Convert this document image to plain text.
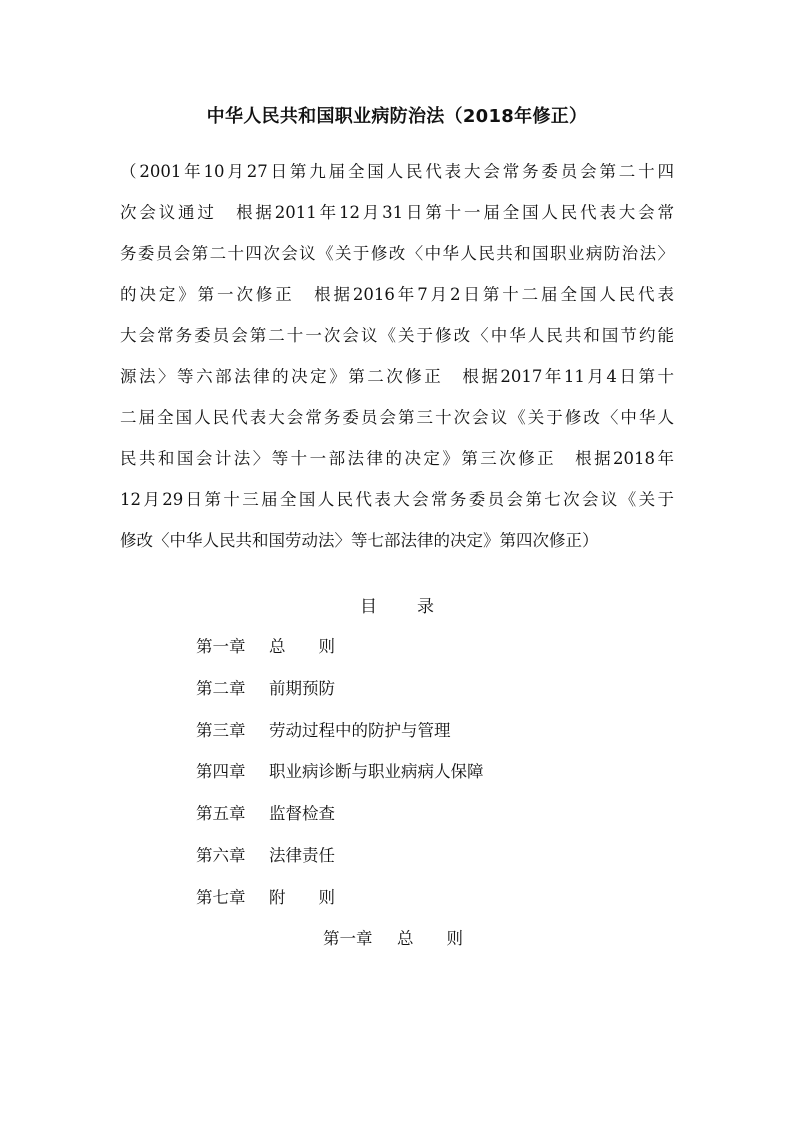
中华人民共和国职业病防治法（2018年修正）
（2001年10月27日第九届全国人民代表大会常务委员会第二十四
次会议通过　根据2011年12月31日第十一届全国人民代表大会常
务委员会第二十四次会议《关于修改〈中华人民共和国职业病防治法〉
的决定》第一次修正　根据2016年7月2日第十二届全国人民代表
大会常务委员会第二十一次会议《关于修改〈中华人民共和国节约能
源法〉等六部法律的决定》第二次修正　根据2017年11月4日第十
二届全国人民代表大会常务委员会第三十次会议《关于修改〈中华人
民共和国会计法〉等十一部法律的决定》第三次修正　根据2018年
12月29日第十三届全国人民代表大会常务委员会第七次会议《关于
修改〈中华人民共和国劳动法〉等七部法律的决定》第四次修正）
目 录
第一章 总　　则
第二章 前期预防
第三章 劳动过程中的防护与管理
第四章 职业病诊断与职业病病人保障
第五章 监督检查
第六章 法律责任
第七章 附　　则
第一章 总　　则
